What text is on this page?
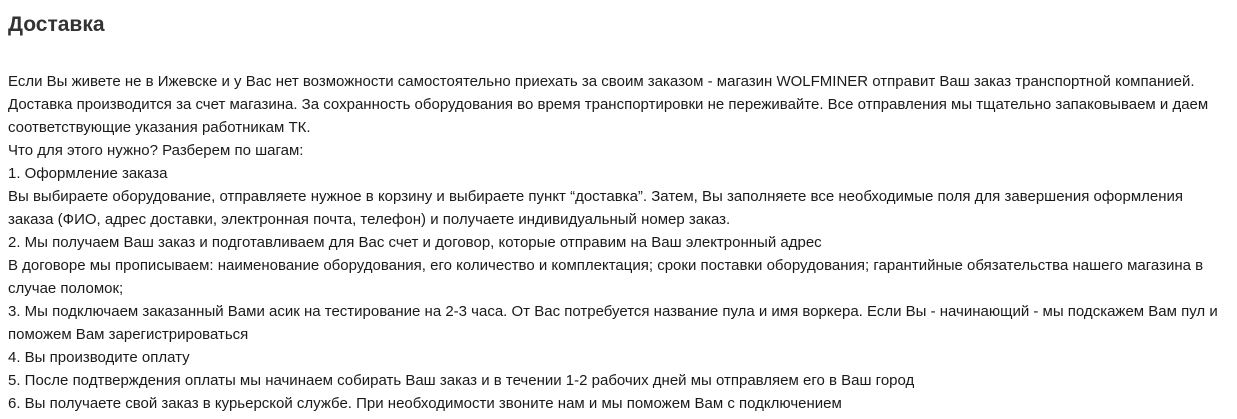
Доставка

Если Вы живете не в Ижевске и у Вас нет возможности самостоятельно приехать за своим заказом - магазин WOLFMINER отправит Ваш заказ транспортной компанией. Доставка производится за счет магазина. За сохранность оборудования во время транспортировки не переживайте. Все отправления мы тщательно запаковываем и даем соответствующие указания работникам ТК.

Что для этого нужно? Разберем по шагам:

1. Оформление заказа

Вы выбираете оборудование, отправляете нужное в корзину и выбираете пункт “доставка”. Затем, Вы заполняете все необходимые поля для завершения оформления заказа (ФИО, адрес доставки, электронная почта, телефон) и получаете индивидуальный номер заказ.

2. Мы получаем Ваш заказ и подготавливаем для Вас счет и договор, которые отправим на Ваш электронный адрес

В договоре мы прописываем: наименование оборудования, его количество и комплектация; сроки поставки оборудования; гарантийные обязательства нашего магазина в случае поломок;

3. Мы подключаем заказанный Вами асик на тестирование на 2-3 часа. От Вас потребуется название пула и имя воркера. Если Вы - начинающий - мы подскажем Вам пул и поможем Вам зарегистрироваться

4. Вы производите оплату

5. После подтверждения оплаты мы начинаем собирать Ваш заказ и в течении 1-2 рабочих дней мы отправляем его в Ваш город

6. Вы получаете свой заказ в курьерской службе. При необходимости звоните нам и мы поможем Вам с подключением
